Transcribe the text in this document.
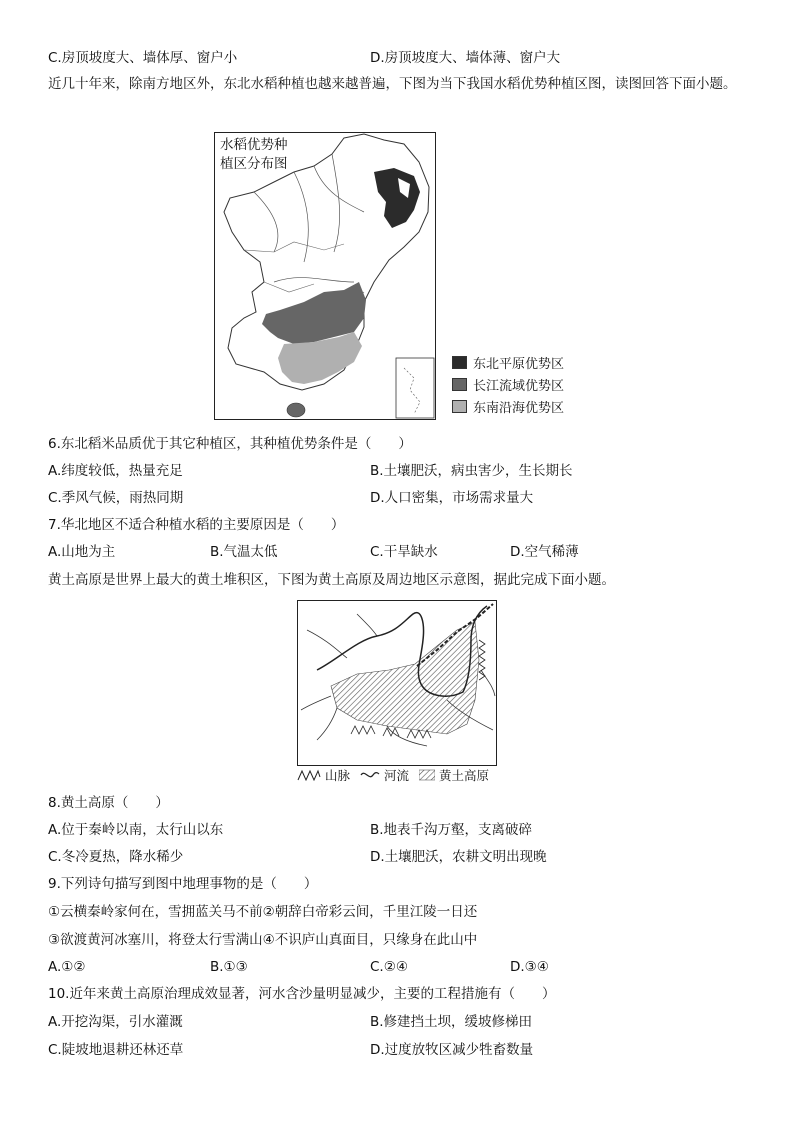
C.房顶坡度大、墙体厚、窗户小	D.房顶坡度大、墙体薄、窗户大
近几十年来，除南方地区外，东北水稻种植也越来越普遍，下图为当下我国水稻优势种植区图，读图回答下面小题。
水稻优势种
植区分布图
东北平原优势区
长江流域优势区
东南沿海优势区
6.东北稻米品质优于其它种植区，其种植优势条件是（　　）
A.纬度较低，热量充足	B.土壤肥沃，病虫害少，生长期长
C.季风气候，雨热同期	D.人口密集，市场需求量大
7.华北地区不适合种植水稻的主要原因是（　　）
A.山地为主	B.气温太低	C.干旱缺水	D.空气稀薄
黄土高原是世界上最大的黄土堆积区，下图为黄土高原及周边地区示意图，据此完成下面小题。
山脉	河流 黄土高原
8.黄土高原（　　）
A.位于秦岭以南，太行山以东	B.地表千沟万壑，支离破碎
C.冬冷夏热，降水稀少	D.土壤肥沃，农耕文明出现晚
9.下列诗句描写到图中地理事物的是（　　）
①云横秦岭家何在，雪拥蓝关马不前②朝辞白帝彩云间，千里江陵一日还
③欲渡黄河冰塞川，将登太行雪满山④不识庐山真面目，只缘身在此山中
A.①②	B.①③	C.②④	D.③④
10.近年来黄土高原治理成效显著，河水含沙量明显减少，主要的工程措施有（　　）
A.开挖沟渠，引水灌溉	B.修建挡土坝，缓坡修梯田
C.陡坡地退耕还林还草	D.过度放牧区减少牲畜数量
